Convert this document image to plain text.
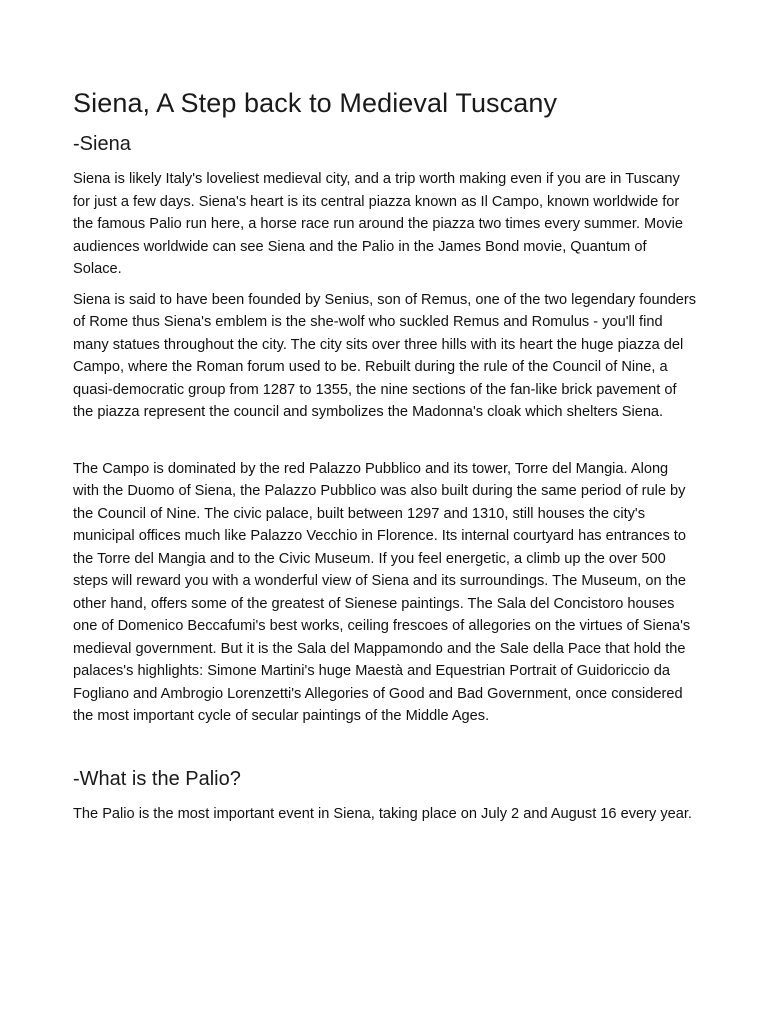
Siena, A Step back to Medieval Tuscany
-Siena

Siena is likely Italy's loveliest medieval city, and a trip worth making even if you are in Tuscany for just a few days. Siena's heart is its central piazza known as Il Campo, known worldwide for the famous Palio run here, a horse race run around the piazza two times every summer. Movie audiences worldwide can see Siena and the Palio in the James Bond movie, Quantum of Solace.

Siena is said to have been founded by Senius, son of Remus, one of the two legendary founders of Rome thus Siena's emblem is the she-wolf who suckled Remus and Romulus - you'll find many statues throughout the city. The city sits over three hills with its heart the huge piazza del Campo, where the Roman forum used to be. Rebuilt during the rule of the Council of Nine, a quasi-democratic group from 1287 to 1355, the nine sections of the fan-like brick pavement of the piazza represent the council and symbolizes the Madonna's cloak which shelters Siena.

The Campo is dominated by the red Palazzo Pubblico and its tower, Torre del Mangia. Along with the Duomo of Siena, the Palazzo Pubblico was also built during the same period of rule by the Council of Nine. The civic palace, built between 1297 and 1310, still houses the city's municipal offices much like Palazzo Vecchio in Florence. Its internal courtyard has entrances to the Torre del Mangia and to the Civic Museum. If you feel energetic, a climb up the over 500 steps will reward you with a wonderful view of Siena and its surroundings. The Museum, on the other hand, offers some of the greatest of Sienese paintings. The Sala del Concistoro houses one of Domenico Beccafumi's best works, ceiling frescoes of allegories on the virtues of Siena's medieval government. But it is the Sala del Mappamondo and the Sale della Pace that hold the palaces's highlights: Simone Martini's huge Maestà and Equestrian Portrait of Guidoriccio da Fogliano and Ambrogio Lorenzetti's Allegories of Good and Bad Government, once considered the most important cycle of secular paintings of the Middle Ages.

-What is the Palio?

The Palio is the most important event in Siena, taking place on July 2 and August 16 every year.
